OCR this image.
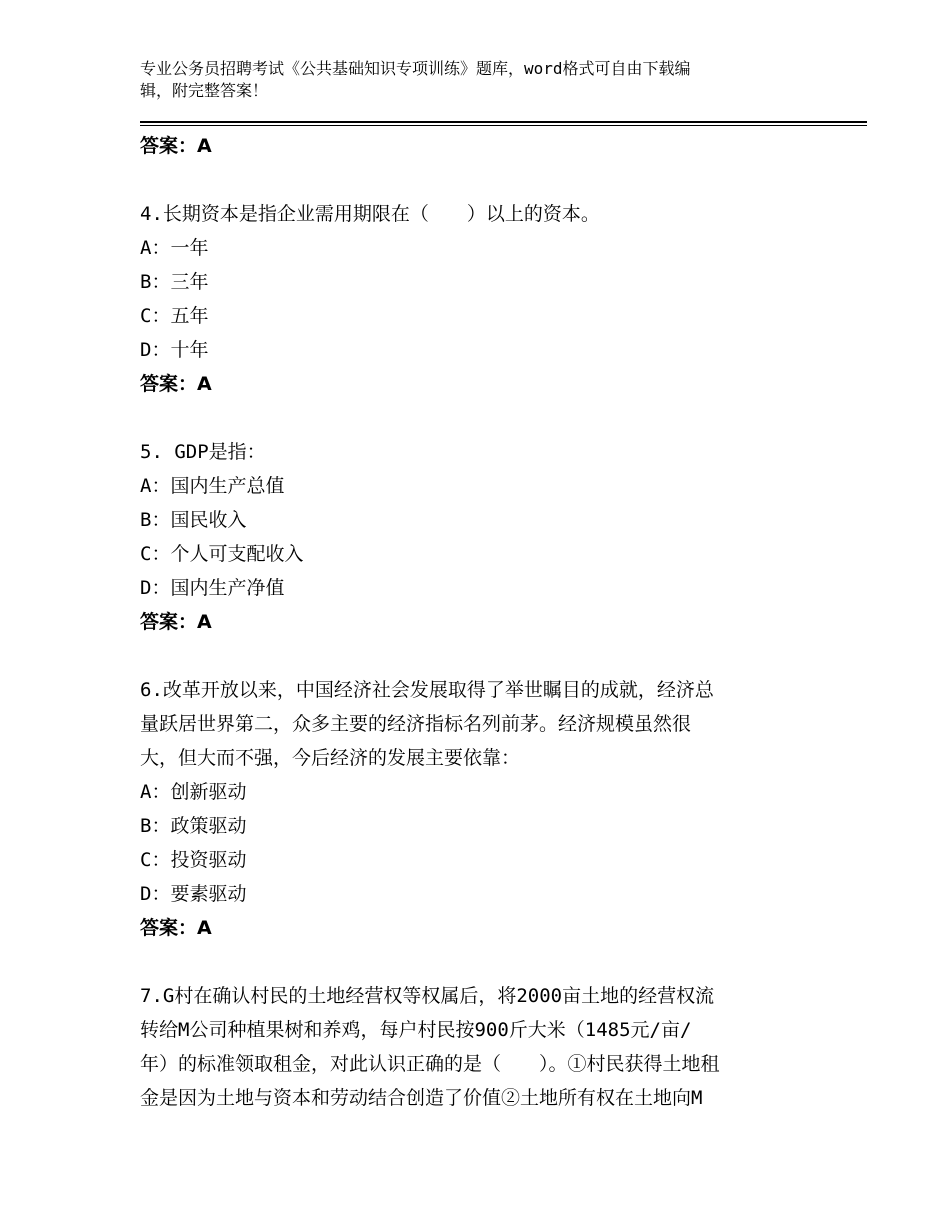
专业公务员招聘考试《公共基础知识专项训练》题库，word格式可自由下载编
辑，附完整答案！
答案：A
4.长期资本是指企业需用期限在（　　）以上的资本。
A：一年
B：三年
C：五年
D：十年
答案：A
5. GDP是指：
A：国内生产总值
B：国民收入
C：个人可支配收入
D：国内生产净值
答案：A
6.改革开放以来，中国经济社会发展取得了举世瞩目的成就，经济总
量跃居世界第二，众多主要的经济指标名列前茅。经济规模虽然很
大，但大而不强，今后经济的发展主要依靠：
A：创新驱动
B：政策驱动
C：投资驱动
D：要素驱动
答案：A
7.G村在确认村民的土地经营权等权属后，将2000亩土地的经营权流
转给M公司种植果树和养鸡，每户村民按900斤大米（1485元/亩/
年）的标准领取租金，对此认识正确的是（　　）。①村民获得土地租
金是因为土地与资本和劳动结合创造了价值②土地所有权在土地向M
